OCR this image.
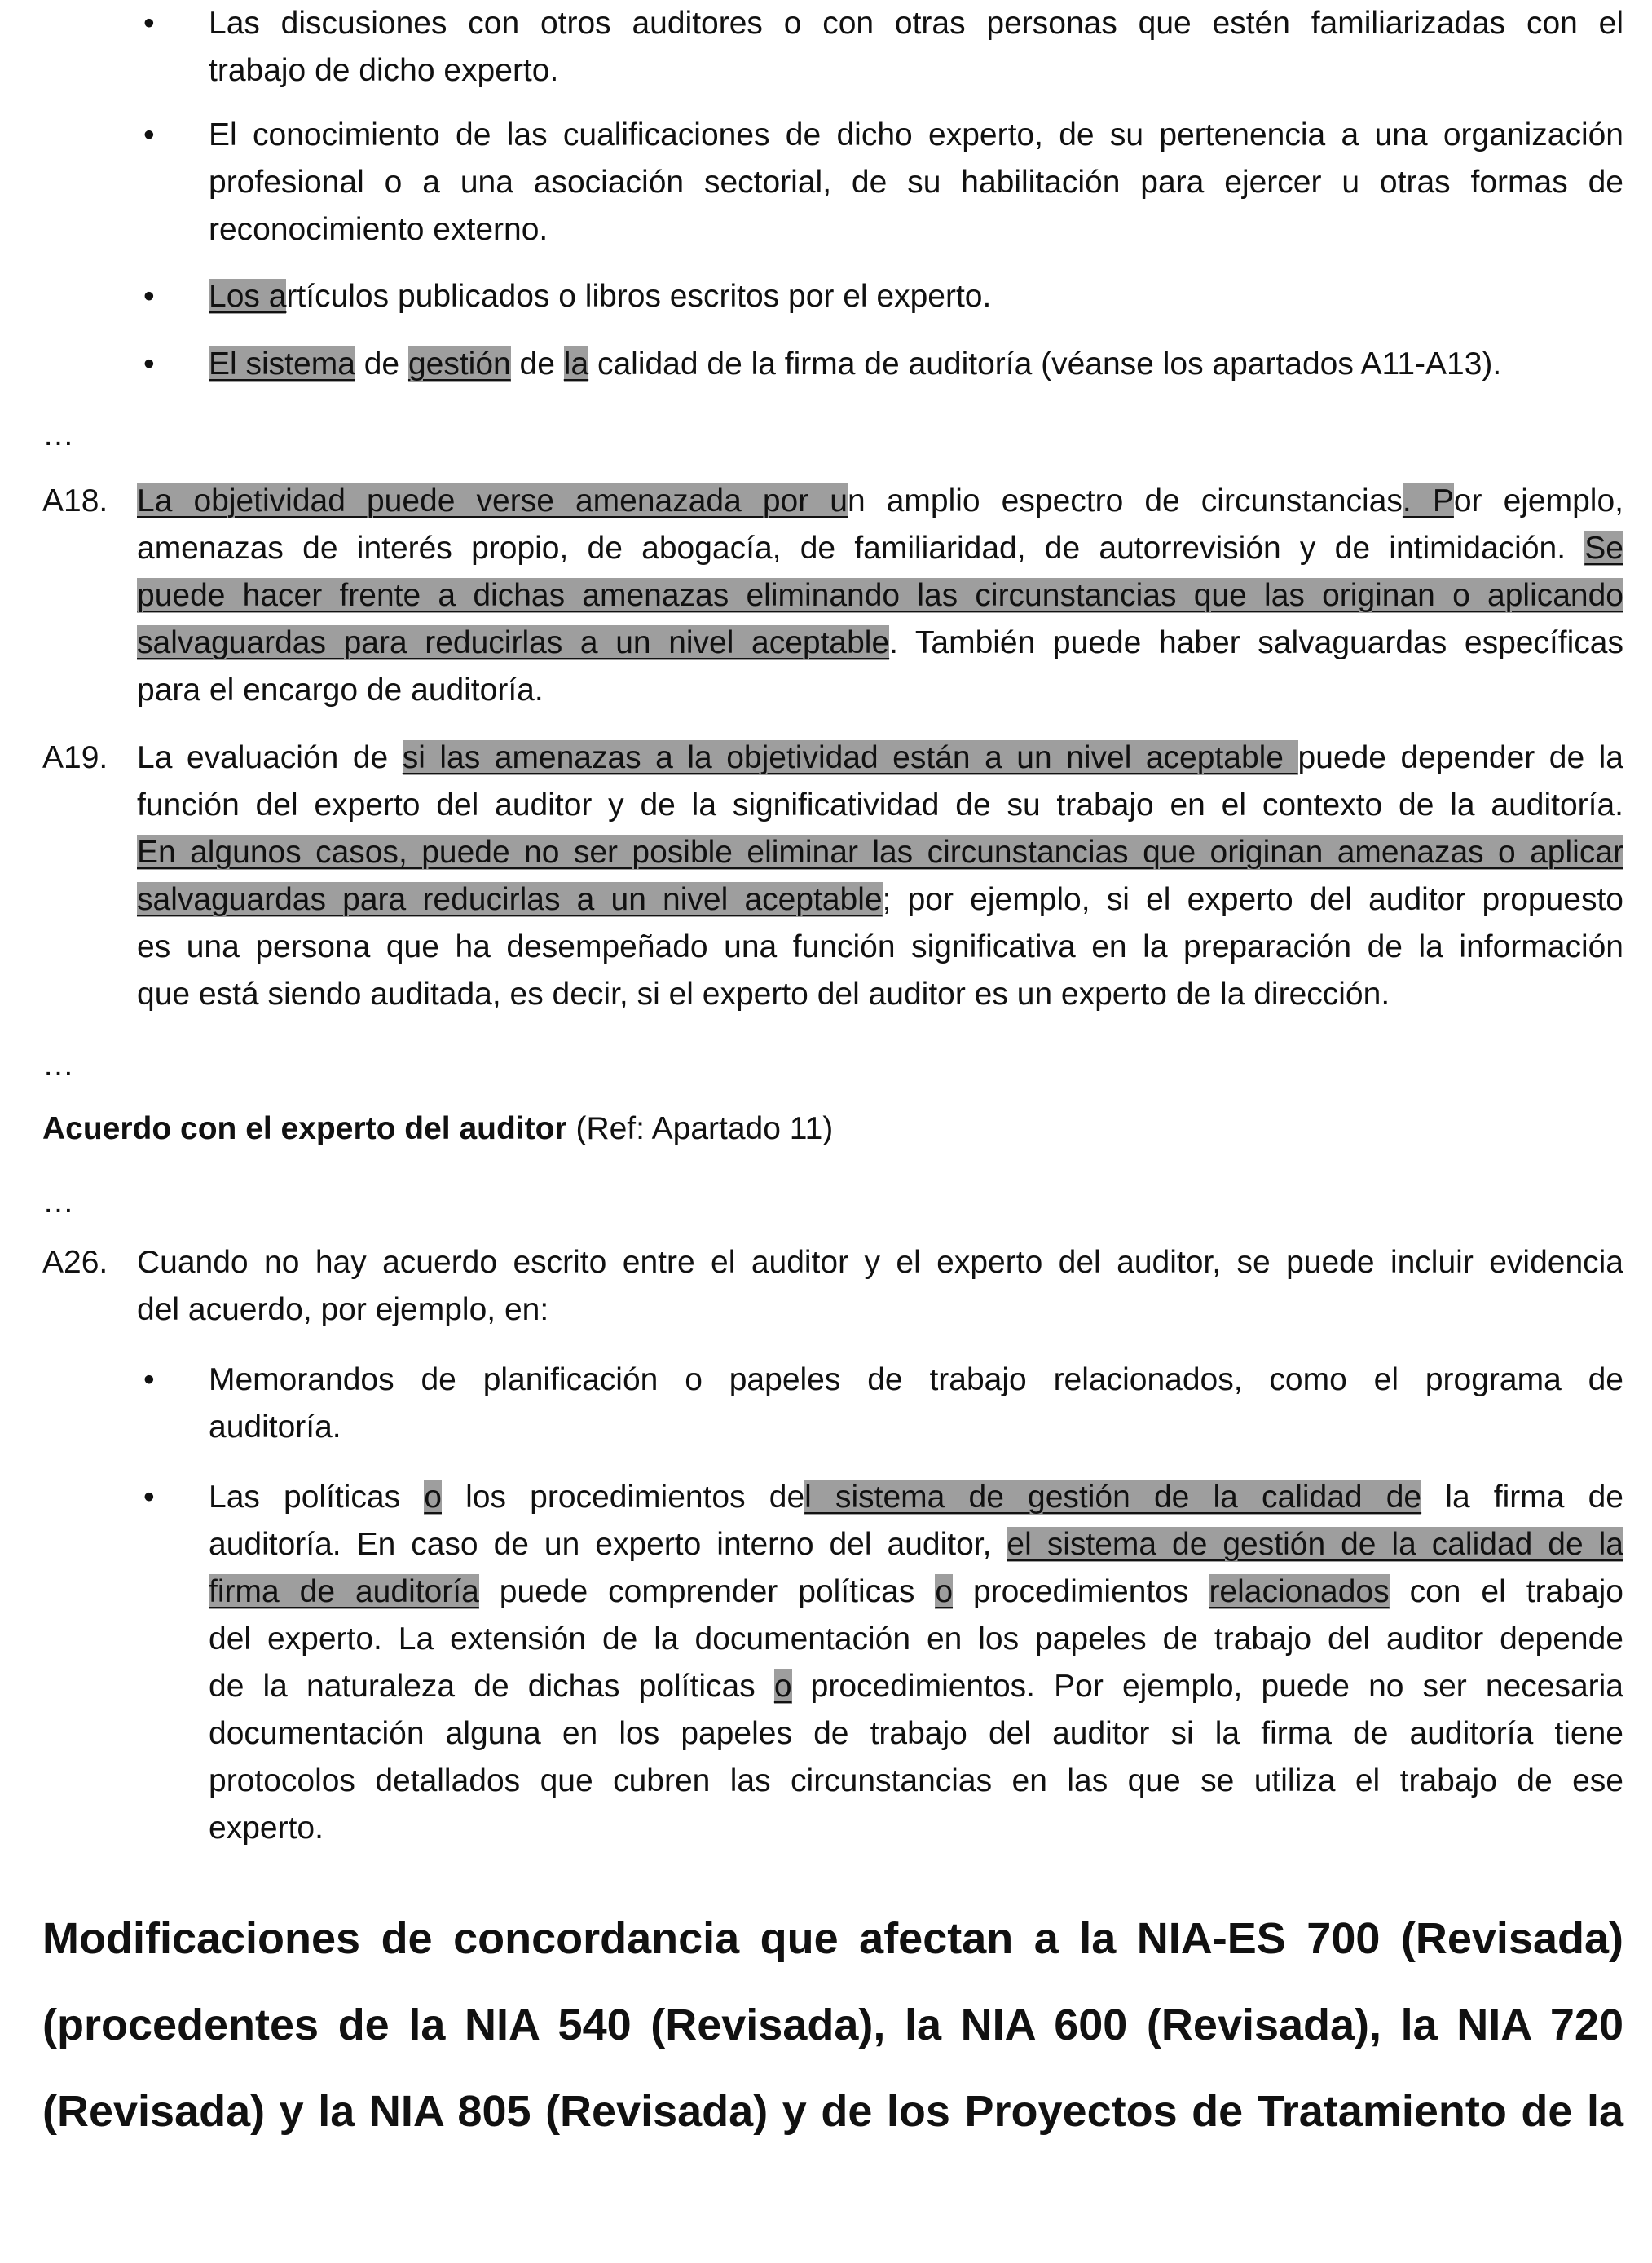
• Las discusiones con otros auditores o con otras personas que estén familiarizadas con el
trabajo de dicho experto.
• El conocimiento de las cualificaciones de dicho experto, de su pertenencia a una organización
profesional o a una asociación sectorial, de su habilitación para ejercer u otras formas de
reconocimiento externo.
• Los artículos publicados o libros escritos por el experto.
• El sistema de gestión de la calidad de la firma de auditoría (véanse los apartados A11-A13).
A18. La objetividad puede verse amenazada por un amplio espectro de circunstancias. Por ejemplo,
amenazas de interés propio, de abogacía, de familiaridad, de autorrevisión y de intimidación. Se
puede hacer frente a dichas amenazas eliminando las circunstancias que las originan o aplicando
salvaguardas para reducirlas a un nivel aceptable. También puede haber salvaguardas específicas
para el encargo de auditoría.
A19. La evaluación de si las amenazas a la objetividad están a un nivel aceptable puede depender de la
función del experto del auditor y de la significatividad de su trabajo en el contexto de la auditoría.
En algunos casos, puede no ser posible eliminar las circunstancias que originan amenazas o aplicar
salvaguardas para reducirlas a un nivel aceptable; por ejemplo, si el experto del auditor propuesto
es una persona que ha desempeñado una función significativa en la preparación de la información
que está siendo auditada, es decir, si el experto del auditor es un experto de la dirección.
A26. Cuando no hay acuerdo escrito entre el auditor y el experto del auditor, se puede incluir evidencia
del acuerdo, por ejemplo, en:
• Memorandos de planificación o papeles de trabajo relacionados, como el programa de
auditoría.
• Las políticas o los procedimientos del sistema de gestión de la calidad de la firma de
auditoría. En caso de un experto interno del auditor, el sistema de gestión de la calidad de la
firma de auditoría puede comprender políticas o procedimientos relacionados con el trabajo
del experto. La extensión de la documentación en los papeles de trabajo del auditor depende
de la naturaleza de dichas políticas o procedimientos. Por ejemplo, puede no ser necesaria
documentación alguna en los papeles de trabajo del auditor si la firma de auditoría tiene
protocolos detallados que cubren las circunstancias en las que se utiliza el trabajo de ese
experto.
…
…
…
Acuerdo con el experto del auditor (Ref: Apartado 11)
Modificaciones de concordancia que afectan a la NIA-ES 700 (Revisada) (procedentes de la NIA 540 (Revisada), la NIA 600 (Revisada), la NIA 720 (Revisada) y la NIA 805 (Revisada) y de los Proyectos de Tratamiento de la
